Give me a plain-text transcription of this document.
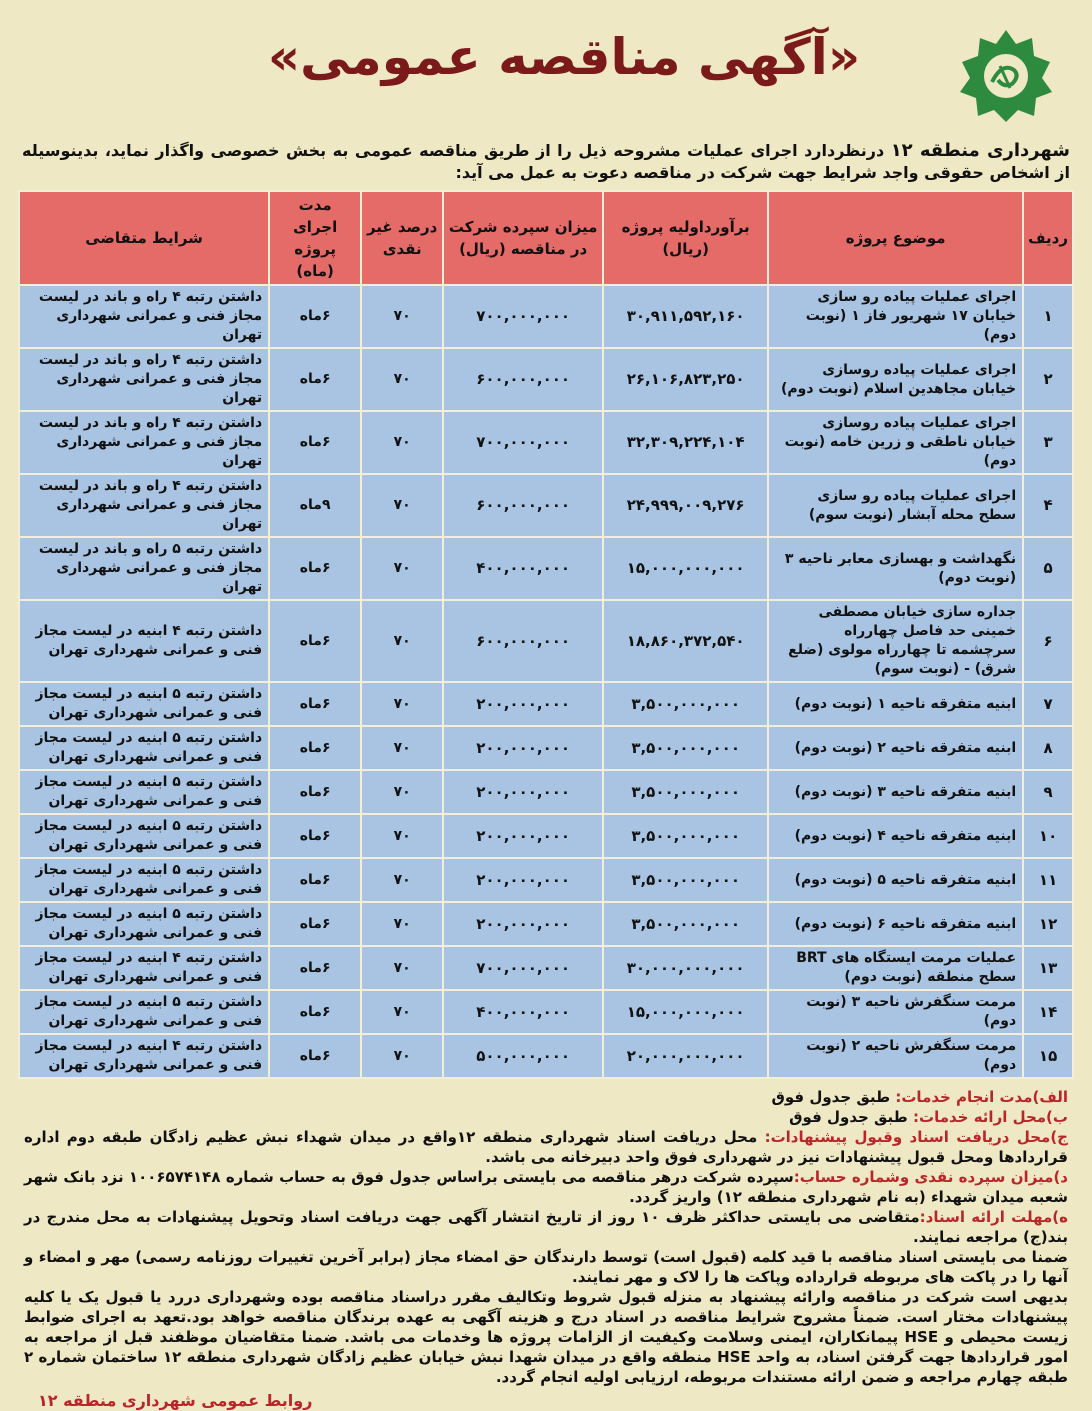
«آگهی مناقصه عمومی»
شهرداری منطقه ۱۲ درنظردارد اجرای عملیات مشروحه ذیل را از طریق مناقصه عمومی به بخش خصوصی واگذار نماید، بدینوسیله از اشخاص حقوقی واجد شرایط جهت شرکت در مناقصه دعوت به عمل می آید:
ردیف	موضوع پروژه	برآورداولیه پروژه (ریال)	میزان سپرده شرکت در مناقصه (ریال)	درصد غیر نقدی	مدت اجرای پروژه (ماه)	شرایط متقاضی
۱	اجرای عملیات پیاده رو سازی خیابان ۱۷ شهریور فاز ۱ (نوبت دوم)	۳۰,۹۱۱,۵۹۲,۱۶۰	۷۰۰,۰۰۰,۰۰۰	۷۰	۶ماه	داشتن رتبه ۴ راه و باند در لیست مجاز فنی و عمرانی شهرداری تهران
۲	اجرای عملیات پیاده روسازی خیابان مجاهدین اسلام (نوبت دوم)	۲۶,۱۰۶,۸۲۳,۲۵۰	۶۰۰,۰۰۰,۰۰۰	۷۰	۶ماه	داشتن رتبه ۴ راه و باند در لیست مجاز فنی و عمرانی شهرداری تهران
۳	اجرای عملیات پیاده روسازی خیابان ناطقی و زرین خامه (نوبت دوم)	۳۲,۳۰۹,۲۲۴,۱۰۴	۷۰۰,۰۰۰,۰۰۰	۷۰	۶ماه	داشتن رتبه ۴ راه و باند در لیست مجاز فنی و عمرانی شهرداری تهران
۴	اجرای عملیات پیاده رو سازی سطح محله آبشار (نوبت سوم)	۲۴,۹۹۹,۰۰۹,۲۷۶	۶۰۰,۰۰۰,۰۰۰	۷۰	۹ماه	داشتن رتبه ۴ راه و باند در لیست مجاز فنی و عمرانی شهرداری تهران
۵	نگهداشت و بهسازی معابر ناحیه ۳ (نوبت دوم)	۱۵,۰۰۰,۰۰۰,۰۰۰	۴۰۰,۰۰۰,۰۰۰	۷۰	۶ماه	داشتن رتبه ۵ راه و باند در لیست مجاز فنی و عمرانی شهرداری تهران
۶	جداره سازی خیابان مصطفی خمینی حد فاصل چهارراه سرچشمه تا چهارراه مولوی (ضلع شرق) - (نوبت سوم)	۱۸,۸۶۰,۳۷۲,۵۴۰	۶۰۰,۰۰۰,۰۰۰	۷۰	۶ماه	داشتن رتبه ۴ ابنیه در لیست مجاز فنی و عمرانی شهرداری تهران
۷	ابنیه متفرقه ناحیه ۱ (نوبت دوم)	۳,۵۰۰,۰۰۰,۰۰۰	۲۰۰,۰۰۰,۰۰۰	۷۰	۶ماه	داشتن رتبه ۵ ابنیه در لیست مجاز فنی و عمرانی شهرداری تهران
۸	ابنیه متفرقه ناحیه ۲ (نوبت دوم)	۳,۵۰۰,۰۰۰,۰۰۰	۲۰۰,۰۰۰,۰۰۰	۷۰	۶ماه	داشتن رتبه ۵ ابنیه در لیست مجاز فنی و عمرانی شهرداری تهران
۹	ابنیه متفرقه ناحیه ۳ (نوبت دوم)	۳,۵۰۰,۰۰۰,۰۰۰	۲۰۰,۰۰۰,۰۰۰	۷۰	۶ماه	داشتن رتبه ۵ ابنیه در لیست مجاز فنی و عمرانی شهرداری تهران
۱۰	ابنیه متفرقه ناحیه ۴ (نوبت دوم)	۳,۵۰۰,۰۰۰,۰۰۰	۲۰۰,۰۰۰,۰۰۰	۷۰	۶ماه	داشتن رتبه ۵ ابنیه در لیست مجاز فنی و عمرانی شهرداری تهران
۱۱	ابنیه متفرقه ناحیه ۵ (نوبت دوم)	۳,۵۰۰,۰۰۰,۰۰۰	۲۰۰,۰۰۰,۰۰۰	۷۰	۶ماه	داشتن رتبه ۵ ابنیه در لیست مجاز فنی و عمرانی شهرداری تهران
۱۲	ابنیه متفرقه ناحیه ۶ (نوبت دوم)	۳,۵۰۰,۰۰۰,۰۰۰	۲۰۰,۰۰۰,۰۰۰	۷۰	۶ماه	داشتن رتبه ۵ ابنیه در لیست مجاز فنی و عمرانی شهرداری تهران
۱۳	عملیات مرمت ایستگاه های BRT سطح منطقه (نوبت دوم)	۳۰,۰۰۰,۰۰۰,۰۰۰	۷۰۰,۰۰۰,۰۰۰	۷۰	۶ماه	داشتن رتبه ۴ ابنیه در لیست مجاز فنی و عمرانی شهرداری تهران
۱۴	مرمت سنگفرش ناحیه ۳ (نوبت دوم)	۱۵,۰۰۰,۰۰۰,۰۰۰	۴۰۰,۰۰۰,۰۰۰	۷۰	۶ماه	داشتن رتبه ۵ ابنیه در لیست مجاز فنی و عمرانی شهرداری تهران
۱۵	مرمت سنگفرش ناحیه ۲ (نوبت دوم)	۲۰,۰۰۰,۰۰۰,۰۰۰	۵۰۰,۰۰۰,۰۰۰	۷۰	۶ماه	داشتن رتبه ۴ ابنیه در لیست مجاز فنی و عمرانی شهرداری تهران

الف)مدت انجام خدمات: طبق جدول فوق

ب)محل ارائه خدمات: طبق جدول فوق

ج)محل دریافت اسناد وقبول پیشنهادات: محل دریافت اسناد شهرداری منطقه ۱۲واقع در میدان شهداء نبش عظیم زادگان طبقه دوم اداره قراردادها ومحل قبول پیشنهادات نیز در شهرداری فوق واحد دبیرخانه می باشد.

د)میزان سپرده نقدی وشماره حساب:سپرده شرکت درهر مناقصه می بایستی براساس جدول فوق به حساب شماره ۱۰۰۶۵۷۴۱۴۸ نزد بانک شهر شعبه میدان شهداء (به نام شهرداری منطقه ۱۲) واریز گردد.

ه)مهلت ارائه اسناد:متقاضی می بایستی حداکثر ظرف ۱۰ روز از تاریخ انتشار آگهی جهت دریافت اسناد وتحویل پیشنهادات به محل مندرج در بند(ج) مراجعه نمایند.

ضمنا می بایستی اسناد مناقصه با قید کلمه (قبول است) توسط دارندگان حق امضاء مجاز (برابر آخرین تغییرات روزنامه رسمی) مهر و امضاء و آنها را در پاکت های مربوطه قرارداده وپاکت ها را لاک و مهر نمایند.

بدیهی است شرکت در مناقصه وارائه پیشنهاد به منزله قبول شروط وتکالیف مقرر دراسناد مناقصه بوده وشهرداری دررد یا قبول یک یا کلیه پیشنهادات مختار است. ضمناً مشروح شرایط مناقصه در اسناد درج و هزینه آگهی به عهده برندگان مناقصه خواهد بود.تعهد به اجرای ضوابط زیست محیطی و HSE پیمانکاران، ایمنی وسلامت وکیفیت از الزامات پروژه ها وخدمات می باشد. ضمنا متقاضیان موظفند قبل از مراجعه به امور قراردادها جهت گرفتن اسناد، به واحد HSE منطقه واقع در میدان شهدا نبش خیابان عظیم زادگان شهرداری منطقه ۱۲ ساختمان شماره ۲ طبقه چهارم مراجعه و ضمن ارائه مستندات مربوطه، ارزیابی اولیه انجام گردد.

روابط عمومی شهرداری منطقه ۱۲
